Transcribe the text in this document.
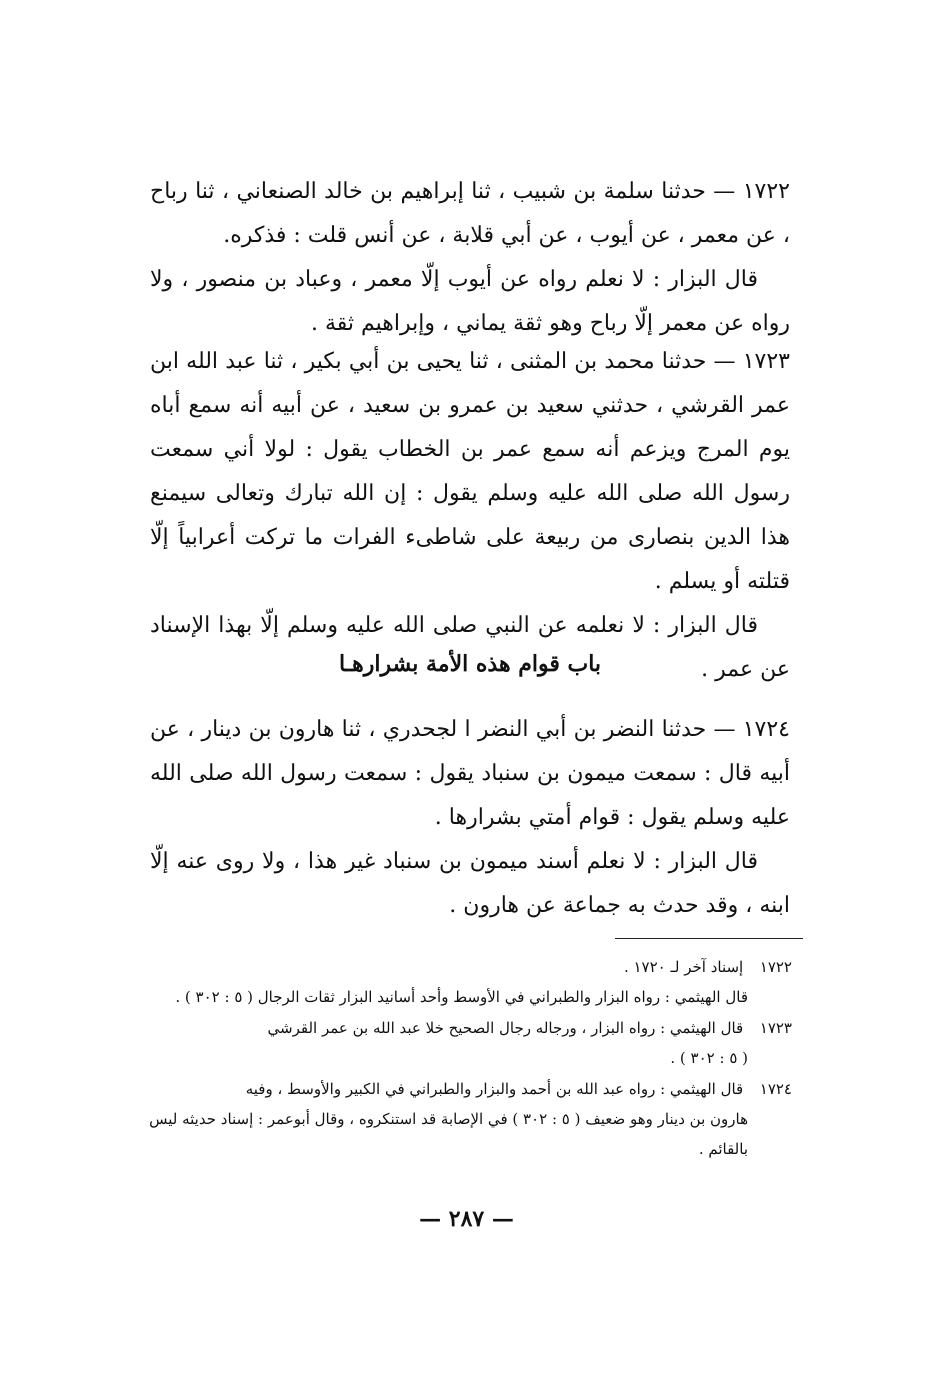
١٧٢٢ — حدثنا سلمة بن شبيب ، ثنا إبراهيم بن خالد الصنعاني ، ثنا رباح ، عن معمر ، عن أيوب ، عن أبي قلابة ، عن أنس قلت : فذكره.

قال البزار : لا نعلم رواه عن أيوب إلّا معمر ، وعباد بن منصور ، ولا رواه عن معمر إلّا رباح وهو ثقة يماني ، وإبراهيم ثقة .

١٧٢٣ — حدثنا محمد بن المثنى ، ثنا يحيى بن أبي بكير ، ثنا عبد الله ابن عمر القرشي ، حدثني سعيد بن عمرو بن سعيد ، عن أبيه أنه سمع أباه يوم المرج ويزعم أنه سمع عمر بن الخطاب يقول : لولا أني سمعت رسول الله صلى الله عليه وسلم يقول : إن الله تبارك وتعالى سيمنع هذا الدين بنصارى من ربيعة على شاطىء الفرات ما تركت أعرابياً إلّا قتلته أو يسلم .

قال البزار : لا نعلمه عن النبي صلى الله عليه وسلم إلّا بهذا الإسناد عن عمر .

باب قوام هذه الأمة بشرارهـا

١٧٢٤ — حدثنا النضر بن أبي النضر ا لجحدري ، ثنا هارون بن دينار ، عن أبيه قال : سمعت ميمون بن سنباد يقول : سمعت رسول الله صلى الله عليه وسلم يقول : قوام أمتي بشرارها .

قال البزار : لا نعلم أسند ميمون بن سنباد غير هذا ، ولا روى عنه إلّا ابنه ، وقد حدث به جماعة عن هارون .

١٧٢٢ إسناد آخر لـ ١٧٢٠ .
قال الهيثمي : رواه البزار والطبراني في الأوسط وأحد أسانيد البزار ثقات الرجال ( ٥ : ٣٠٢ ) .
١٧٢٣ قال الهيثمي : رواه البزار ، ورجاله رجال الصحيح خلا عبد الله بن عمر القرشي
( ٥ : ٣٠٢ ) .
١٧٢٤ قال الهيثمي : رواه عبد الله بن أحمد والبزار والطبراني في الكبير والأوسط ، وفيه
هارون بن دينار وهو ضعيف ( ٥ : ٣٠٢ ) في الإصابة قد استنكروه ، وقال أبوعمر : إسناد حديثه ليس بالقائم .
— ٢٨٧ —
